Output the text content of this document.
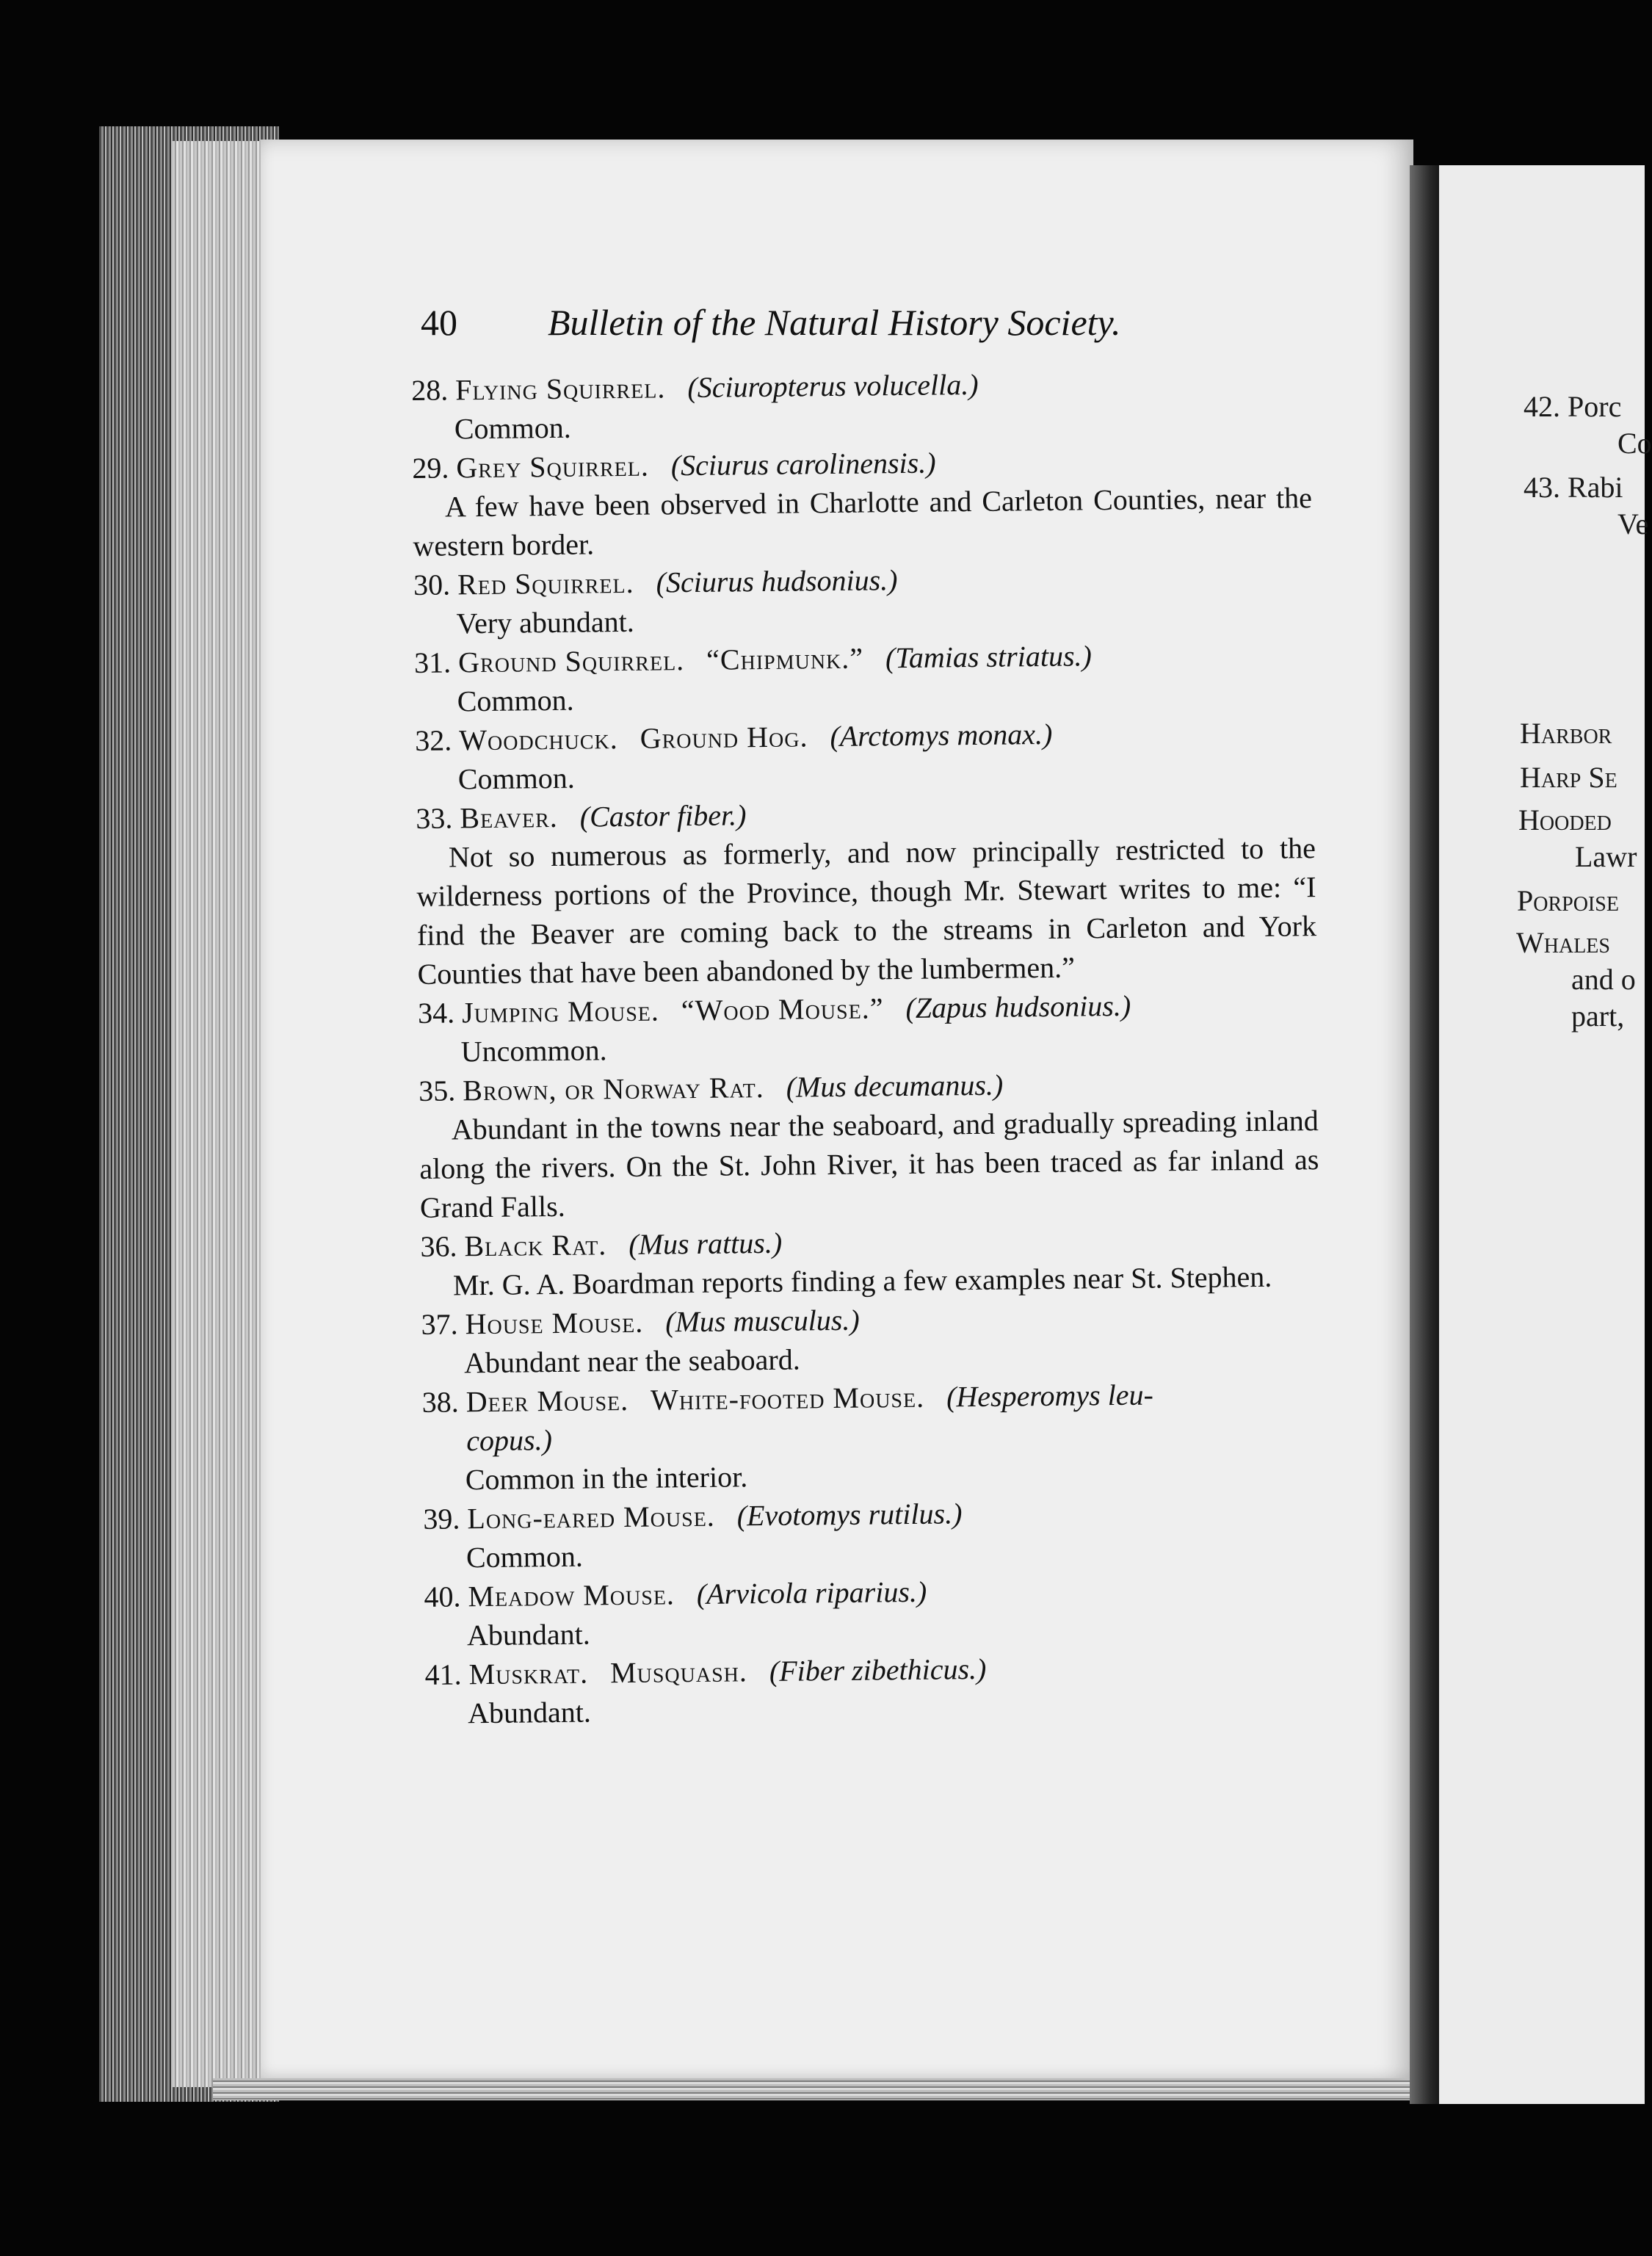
42. Porc
Co
43. Rabi
Ve
Harbor
Harp Se
Hooded
Lawr
Porpoise
Whales
and o
part,
40 Bulletin of the Natural History Society.
28. Flying Squirrel. (Sciuropterus volucella.)
Common.
29. Grey Squirrel. (Sciurus carolinensis.)
A few have been observed in Charlotte and Carleton Counties, near the western border.
30. Red Squirrel. (Sciurus hudsonius.)
Very abundant.
31. Ground Squirrel. “Chipmunk.” (Tamias striatus.)
Common.
32. Woodchuck. Ground Hog. (Arctomys monax.)
Common.
33. Beaver. (Castor fiber.)
Not so numerous as formerly, and now principally restricted to the wilderness portions of the Province, though Mr. Stewart writes to me: “I find the Beaver are coming back to the streams in Carleton and York Counties that have been abandoned by the lumbermen.”
34. Jumping Mouse. “Wood Mouse.” (Zapus hudsonius.)
Uncommon.
35. Brown, or Norway Rat. (Mus decumanus.)
Abundant in the towns near the seaboard, and gradually spreading inland along the rivers. On the St. John River, it has been traced as far inland as Grand Falls.
36. Black Rat. (Mus rattus.)
Mr. G. A. Boardman reports finding a few examples near St. Stephen.
37. House Mouse. (Mus musculus.)
Abundant near the seaboard.
38. Deer Mouse. White-footed Mouse. (Hesperomys leu-
copus.)
Common in the interior.
39. Long-eared Mouse. (Evotomys rutilus.)
Common.
40. Meadow Mouse. (Arvicola riparius.)
Abundant.
41. Muskrat. Musquash. (Fiber zibethicus.)
Abundant.
